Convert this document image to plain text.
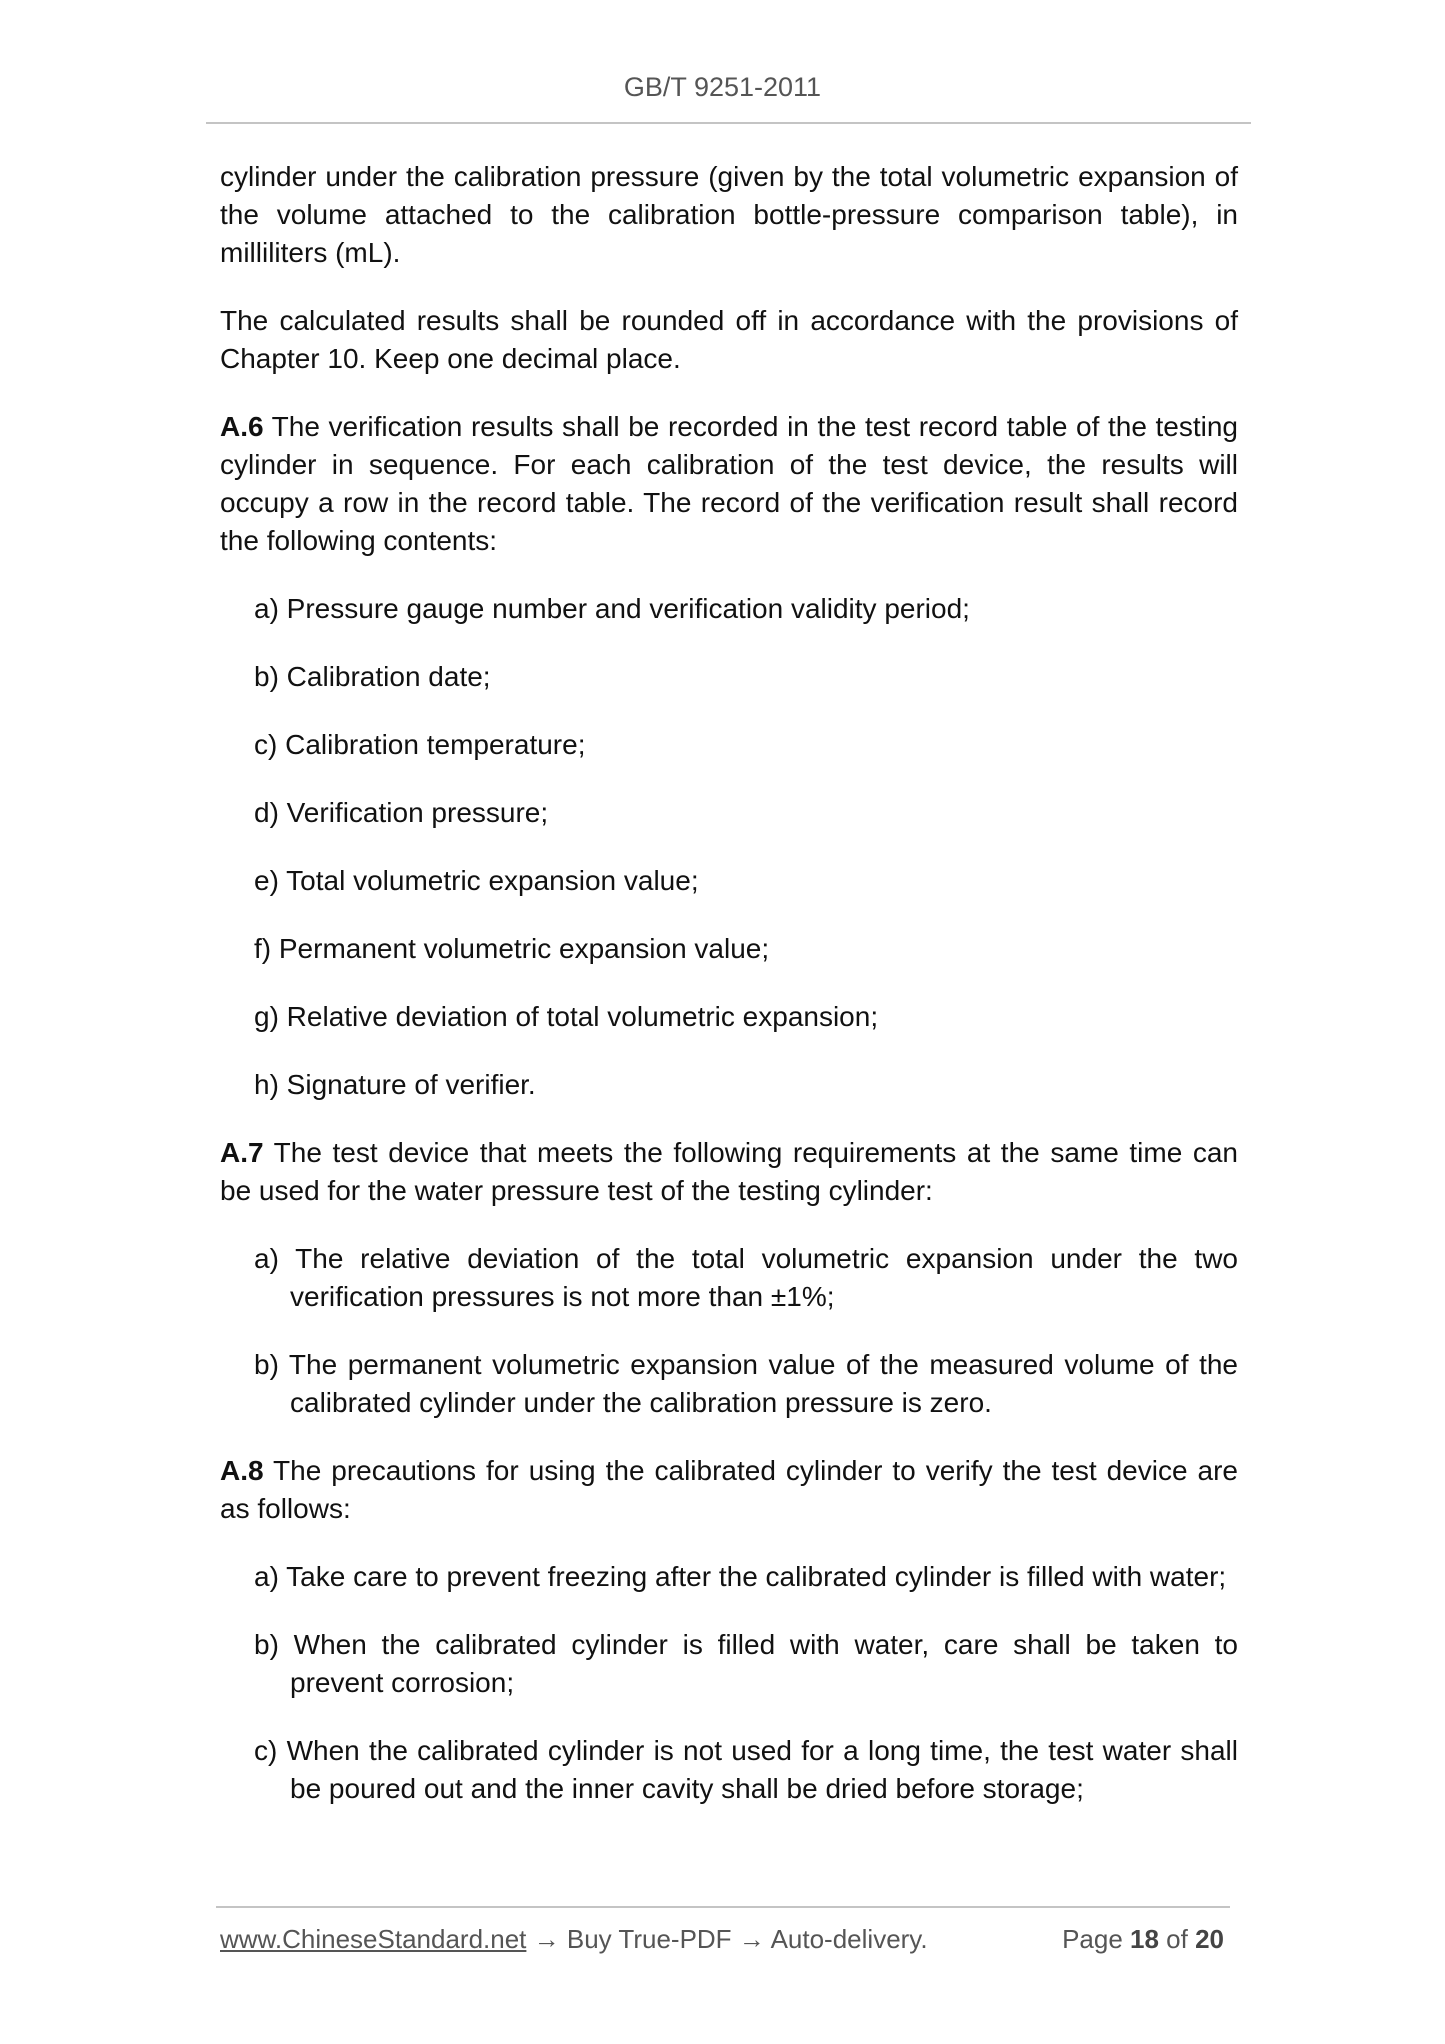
GB/T 9251-2011

cylinder under the calibration pressure (given by the total volumetric expansion of the volume attached to the calibration bottle-pressure comparison table), in milliliters (mL).

The calculated results shall be rounded off in accordance with the provisions of Chapter 10. Keep one decimal place.

A.6 The verification results shall be recorded in the test record table of the testing cylinder in sequence. For each calibration of the test device, the results will occupy a row in the record table. The record of the verification result shall record the following contents:

a) Pressure gauge number and verification validity period;
b) Calibration date;
c) Calibration temperature;
d) Verification pressure;
e) Total volumetric expansion value;
f) Permanent volumetric expansion value;
g) Relative deviation of total volumetric expansion;
h) Signature of verifier.

A.7 The test device that meets the following requirements at the same time can be used for the water pressure test of the testing cylinder:

a) The relative deviation of the total volumetric expansion under the two verification pressures is not more than ±1%;
b) The permanent volumetric expansion value of the measured volume of the calibrated cylinder under the calibration pressure is zero.

A.8 The precautions for using the calibrated cylinder to verify the test device are as follows:

a) Take care to prevent freezing after the calibrated cylinder is filled with water;
b) When the calibrated cylinder is filled with water, care shall be taken to prevent corrosion;
c) When the calibrated cylinder is not used for a long time, the test water shall be poured out and the inner cavity shall be dried before storage;
www.ChineseStandard.net → Buy True-PDF → Auto-delivery.	Page 18 of 20
